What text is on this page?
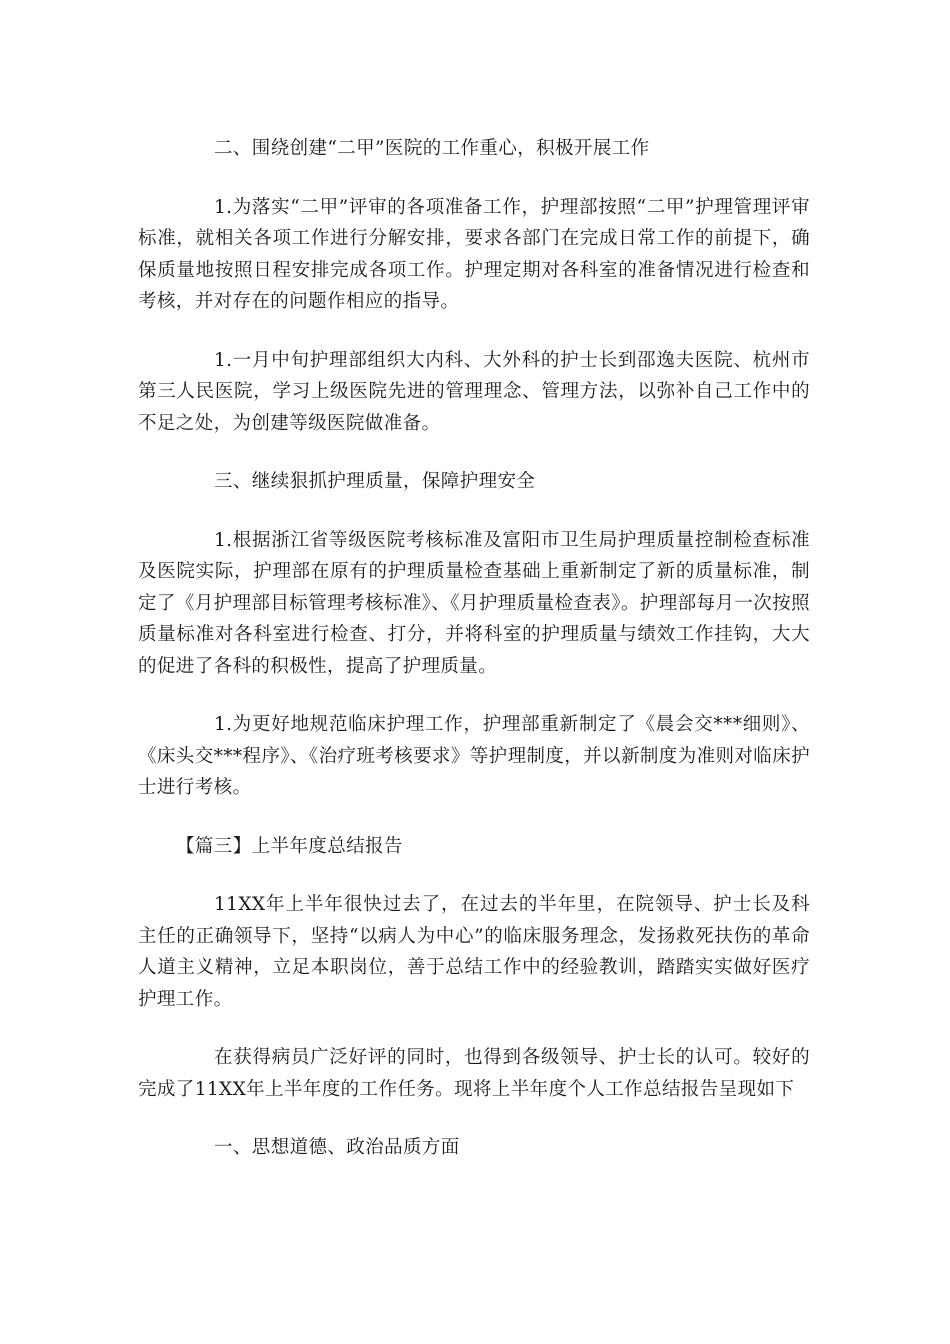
二、围绕创建“二甲”医院的工作重心，积极开展工作

1.为落实“二甲”评审的各项准备工作，护理部按照“二甲”护理管理评审标准，就相关各项工作进行分解安排，要求各部门在完成日常工作的前提下，确保质量地按照日程安排完成各项工作。护理定期对各科室的准备情况进行检查和考核，并对存在的问题作相应的指导。

1.一月中旬护理部组织大内科、大外科的护士长到邵逸夫医院、杭州市第三人民医院，学习上级医院先进的管理理念、管理方法，以弥补自己工作中的不足之处，为创建等级医院做准备。

三、继续狠抓护理质量，保障护理安全

1.根据浙江省等级医院考核标准及富阳市卫生局护理质量控制检查标准及医院实际，护理部在原有的护理质量检查基础上重新制定了新的质量标准，制定了《月护理部目标管理考核标准》、《月护理质量检查表》。护理部每月一次按照质量标准对各科室进行检查、打分，并将科室的护理质量与绩效工作挂钩，大大的促进了各科的积极性，提高了护理质量。

1.为更好地规范临床护理工作，护理部重新制定了《晨会交***细则》、《床头交***程序》、《治疗班考核要求》等护理制度，并以新制度为准则对临床护士进行考核。

【篇三】上半年度总结报告

11XX年上半年很快过去了，在过去的半年里，在院领导、护士长及科主任的正确领导下，坚持“以病人为中心”的临床服务理念，发扬救死扶伤的革命人道主义精神，立足本职岗位，善于总结工作中的经验教训，踏踏实实做好医疗护理工作。

在获得病员广泛好评的同时，也得到各级领导、护士长的认可。较好的完成了11XX年上半年度的工作任务。现将上半年度个人工作总结报告呈现如下

一、思想道德、政治品质方面
